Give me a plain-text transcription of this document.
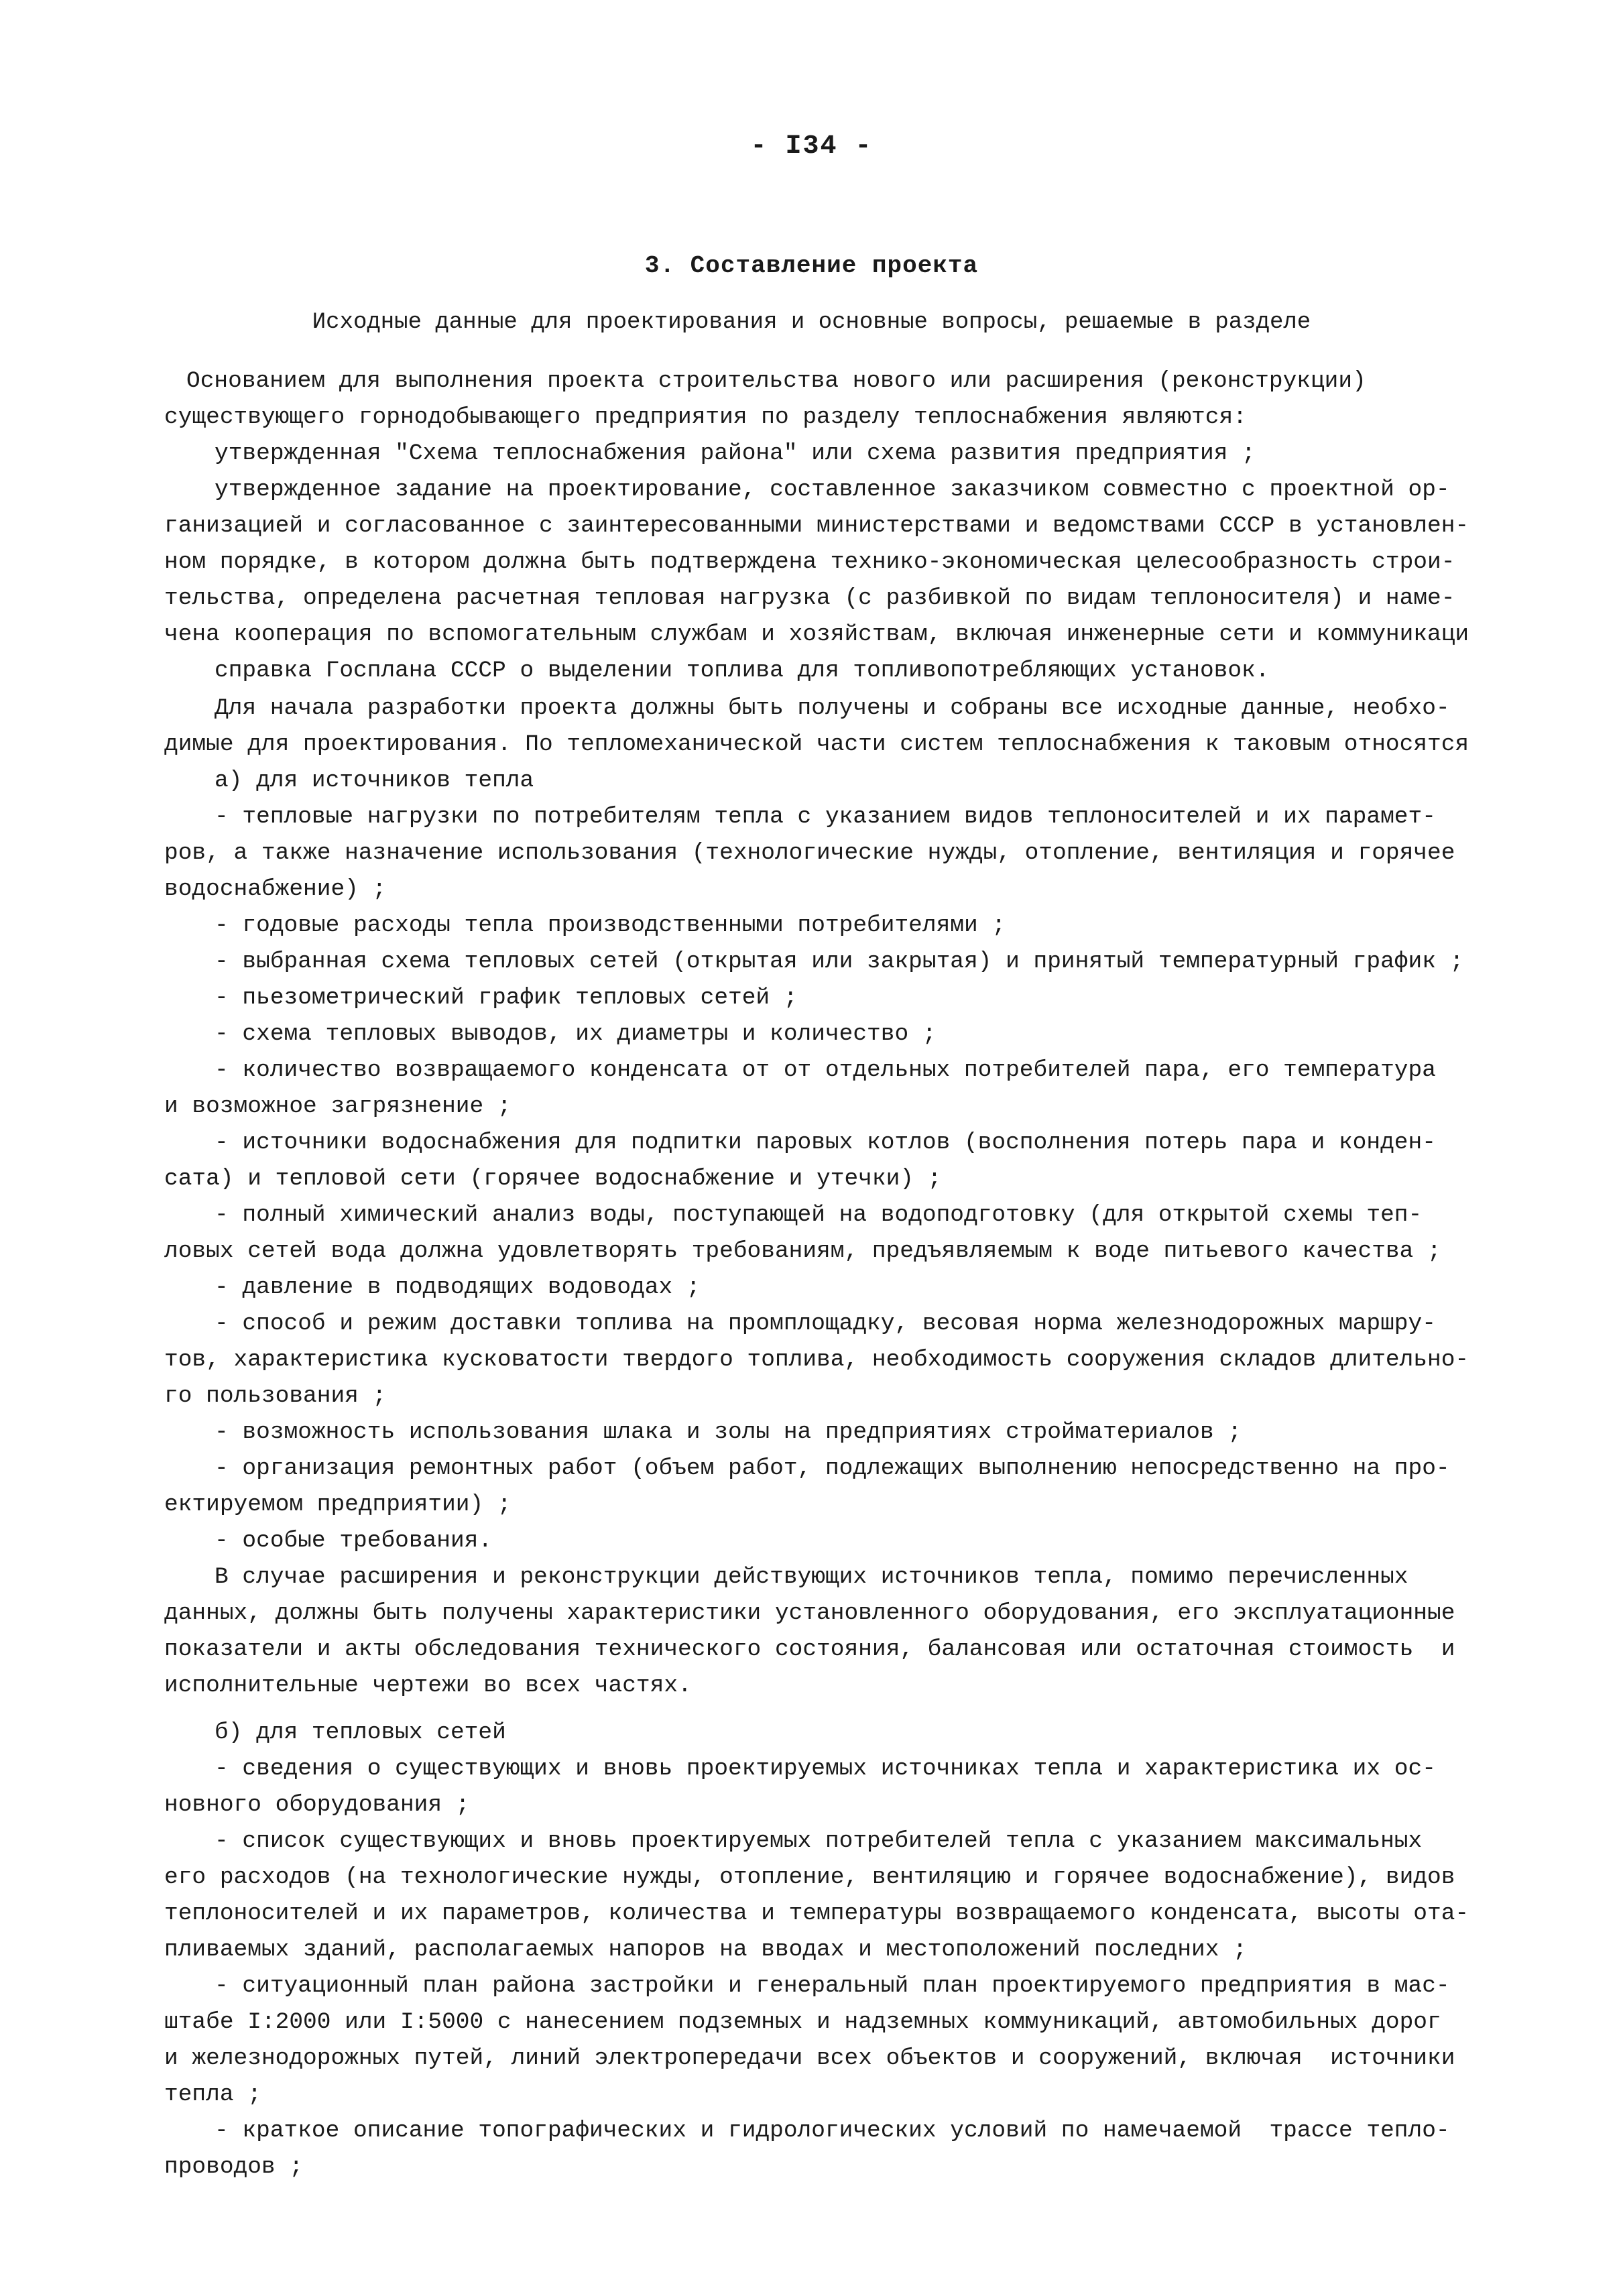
- I34 -
3. Составление проекта
Исходные данные для проектирования и основные вопросы, решаемые в разделе
Основанием для выполнения проекта строительства нового или расширения (реконструкции)
существующего горнодобывающего предприятия по разделу теплоснабжения являются:
утвержденная "Схема теплоснабжения района" или схема развития предприятия ;
утвержденное задание на проектирование, составленное заказчиком совместно с проектной ор-
ганизацией и согласованное с заинтересованными министерствами и ведомствами СССР в установлен-
ном порядке, в котором должна быть подтверждена технико-экономическая целесообразность строи-
тельства, определена расчетная тепловая нагрузка (с разбивкой по видам теплоносителя) и наме-
чена кооперация по вспомогательным службам и хозяйствам, включая инженерные сети и коммуникаци
справка Госплана СССР о выделении топлива для топливопотребляющих установок.
Для начала разработки проекта должны быть получены и собраны все исходные данные, необхо-
димые для проектирования. По тепломеханической части систем теплоснабжения к таковым относятся
а) для источников тепла
- тепловые нагрузки по потребителям тепла с указанием видов теплоносителей и их парамет-
ров, а также назначение использования (технологические нужды, отопление, вентиляция и горячее
водоснабжение) ;
- годовые расходы тепла производственными потребителями ;
- выбранная схема тепловых сетей (открытая или закрытая) и принятый температурный график ;
- пьезометрический график тепловых сетей ;
- схема тепловых выводов, их диаметры и количество ;
- количество возвращаемого конденсата от от отдельных потребителей пара, его температура
и возможное загрязнение ;
- источники водоснабжения для подпитки паровых котлов (восполнения потерь пара и конден-
сата) и тепловой сети (горячее водоснабжение и утечки) ;
- полный химический анализ воды, поступающей на водоподготовку (для открытой схемы теп-
ловых сетей вода должна удовлетворять требованиям, предъявляемым к воде питьевого качества ;
- давление в подводящих водоводах ;
- способ и режим доставки топлива на промплощадку, весовая норма железнодорожных маршру-
тов, характеристика кусковатости твердого топлива, необходимость сооружения складов длительно-
го пользования ;
- возможность использования шлака и золы на предприятиях стройматериалов ;
- организация ремонтных работ (объем работ, подлежащих выполнению непосредственно на про-
ектируемом предприятии) ;
- особые требования.
В случае расширения и реконструкции действующих источников тепла, помимо перечисленных
данных, должны быть получены характеристики установленного оборудования, его эксплуатационные
показатели и акты обследования технического состояния, балансовая или остаточная стоимость  и
исполнительные чертежи во всех частях.
б) для тепловых сетей
- сведения о существующих и вновь проектируемых источниках тепла и характеристика их ос-
новного оборудования ;
- список существующих и вновь проектируемых потребителей тепла с указанием максимальных
его расходов (на технологические нужды, отопление, вентиляцию и горячее водоснабжение), видов
теплоносителей и их параметров, количества и температуры возвращаемого конденсата, высоты ота-
пливаемых зданий, располагаемых напоров на вводах и местоположений последних ;
- ситуационный план района застройки и генеральный план проектируемого предприятия в мас-
штабе I:2000 или I:5000 с нанесением подземных и надземных коммуникаций, автомобильных дорог
и железнодорожных путей, линий электропередачи всех объектов и сооружений, включая  источники
тепла ;
- краткое описание топографических и гидрологических условий по намечаемой  трассе тепло-
проводов ;
